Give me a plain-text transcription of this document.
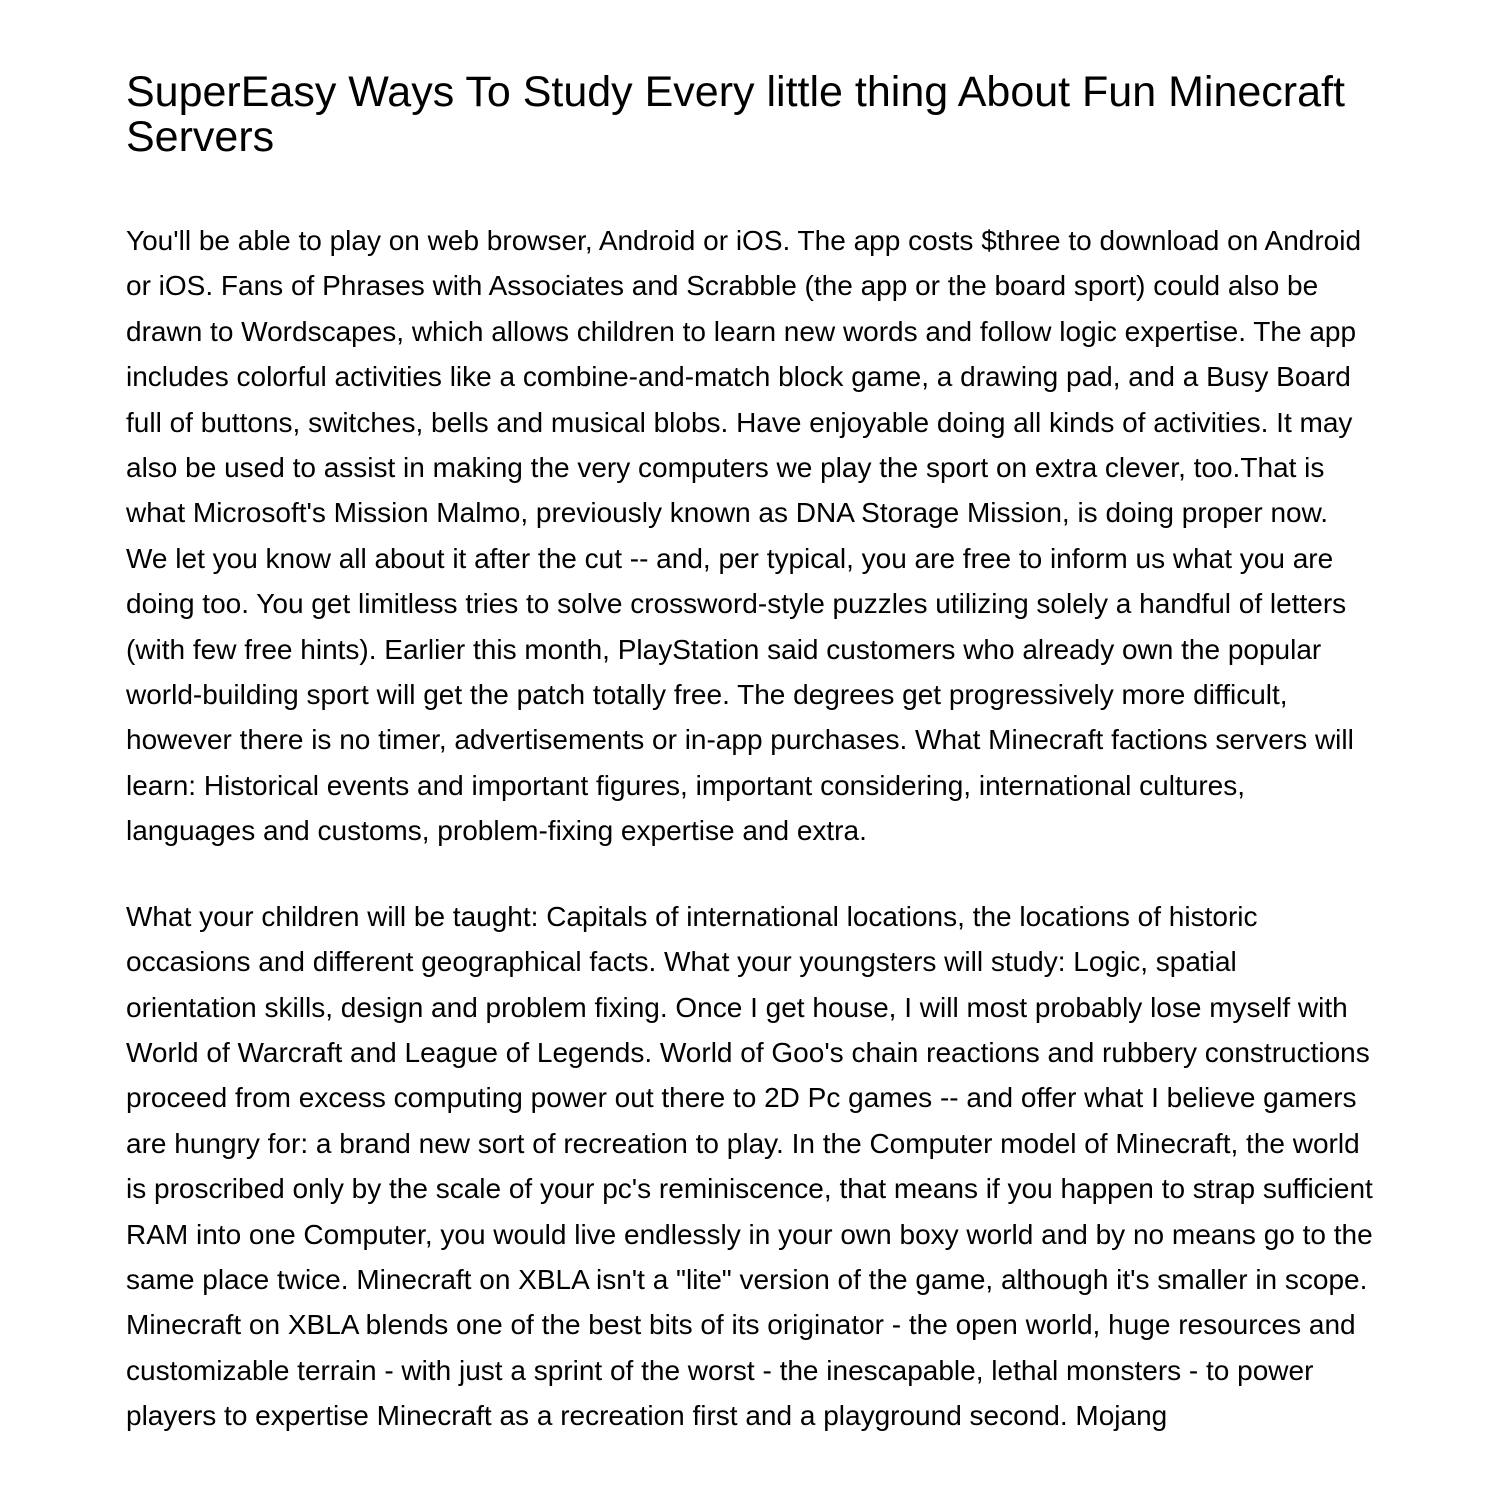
SuperEasy Ways To Study Every little thing About Fun Minecraft Servers

You'll be able to play on web browser, Android or iOS. The app costs $three to download on Android or iOS. Fans of Phrases with Associates and Scrabble (the app or the board sport) could also be drawn to Wordscapes, which allows children to learn new words and follow logic expertise. The app includes colorful activities like a combine-and-match block game, a drawing pad, and a Busy Board full of buttons, switches, bells and musical blobs. Have enjoyable doing all kinds of activities. It may also be used to assist in making the very computers we play the sport on extra clever, too.That is what Microsoft's Mission Malmo, previously known as DNA Storage Mission, is doing proper now. We let you know all about it after the cut -- and, per typical, you are free to inform us what you are doing too. You get limitless tries to solve crossword-style puzzles utilizing solely a handful of letters (with few free hints). Earlier this month, PlayStation said customers who already own the popular world-building sport will get the patch totally free. The degrees get progressively more difficult, however there is no timer, advertisements or in-app purchases. What Minecraft factions servers will learn: Historical events and important figures, important considering, international cultures, languages and customs, problem-fixing expertise and extra.

What your children will be taught: Capitals of international locations, the locations of historic occasions and different geographical facts. What your youngsters will study: Logic, spatial orientation skills, design and problem fixing. Once I get house, I will most probably lose myself with World of Warcraft and League of Legends. World of Goo's chain reactions and rubbery constructions proceed from excess computing power out there to 2D Pc games -- and offer what I believe gamers are hungry for: a brand new sort of recreation to play. In the Computer model of Minecraft, the world is proscribed only by the scale of your pc's reminiscence, that means if you happen to strap sufficient RAM into one Computer, you would live endlessly in your own boxy world and by no means go to the same place twice. Minecraft on XBLA isn't a "lite" version of the game, although it's smaller in scope. Minecraft on XBLA blends one of the best bits of its originator - the open world, huge resources and customizable terrain - with just a sprint of the worst - the inescapable, lethal monsters - to power players to expertise Minecraft as a recreation first and a playground second. Mojang
